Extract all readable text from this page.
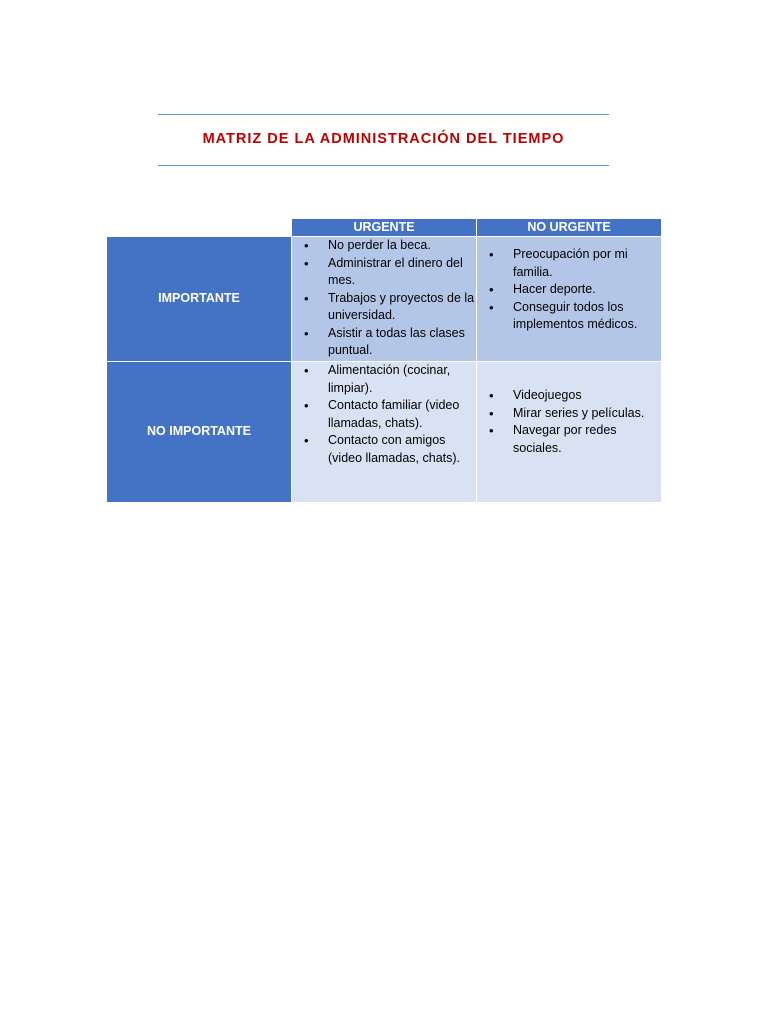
MATRIZ DE LA ADMINISTRACIÓN DEL TIEMPO
URGENTE	NO URGENTE
IMPORTANTE
• No perder la beca.
• Administrar el dinero del mes.
• Trabajos y proyectos de la universidad.
• Asistir a todas las clases puntual.
• Preocupación por mi familia.
• Hacer deporte.
• Conseguir todos los implementos médicos.
NO IMPORTANTE
• Alimentación (cocinar, limpiar).
• Contacto familiar (video llamadas, chats).
• Contacto con amigos (video llamadas, chats).
• Videojuegos
• Mirar series y películas.
• Navegar por redes sociales.
